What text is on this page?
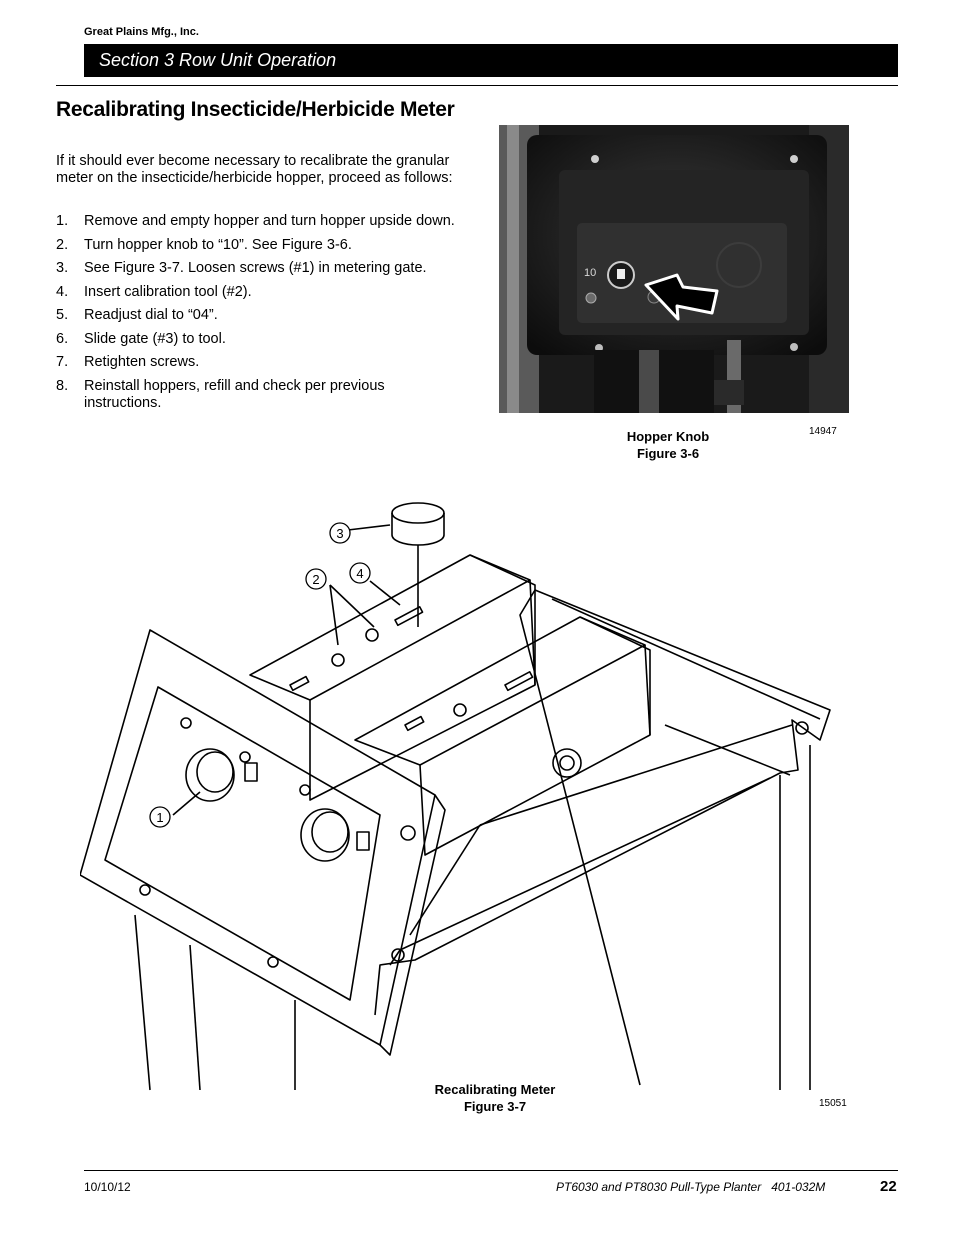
Great Plains Mfg., Inc.
Section 3 Row Unit Operation
Recalibrating Insecticide/Herbicide Meter

If it should ever become necessary to recalibrate the granular meter on the insecticide/herbicide hopper, proceed as follows:

1. Remove and empty hopper and turn hopper upside down.
2. Turn hopper knob to “10”. See Figure 3-6.
3. See Figure 3-7. Loosen screws (#1) in metering gate.
4. Insert calibration tool (#2).
5. Readjust dial to “04”.
6. Slide gate (#3) to tool.
7. Retighten screws.
8. Reinstall hoppers, refill and check per previous instructions.
10
Hopper Knob
Figure 3-6
14947
3
2	4
1
Recalibrating Meter
Figure 3-7	15051
10/10/12	PT6030 and PT8030 Pull-Type Planter   401-032M	22
